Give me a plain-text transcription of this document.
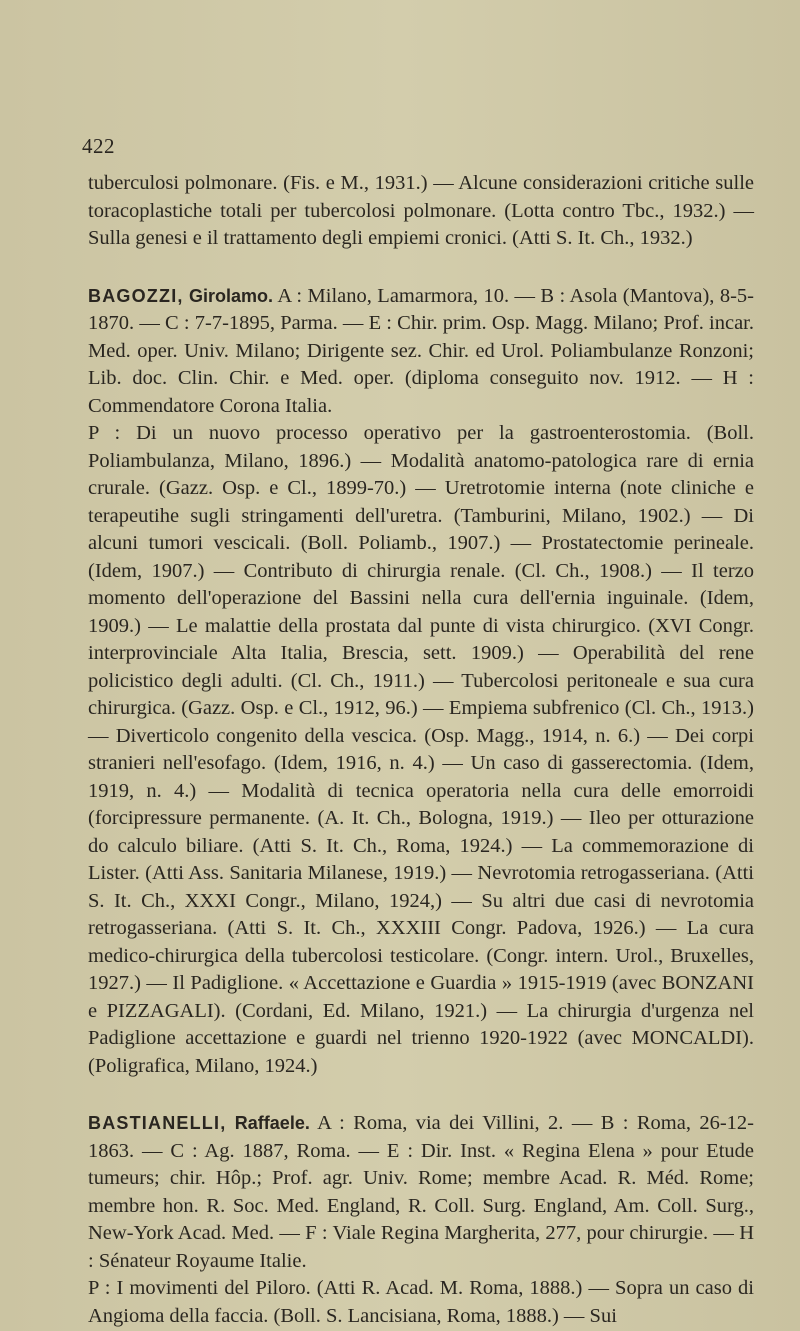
422

tuberculosi polmonare. (Fis. e M., 1931.) — Alcune considerazioni critiche sulle toracoplastiche totali per tubercolosi polmonare. (Lotta contro Tbc., 1932.) — Sulla genesi e il trattamento degli empiemi cronici. (Atti S. It. Ch., 1932.)

BAGOZZI, Girolamo. A : Milano, Lamarmora, 10. — B : Asola (Mantova), 8-5-1870. — C : 7-7-1895, Parma. — E : Chir. prim. Osp. Magg. Milano; Prof. incar. Med. oper. Univ. Milano; Dirigente sez. Chir. ed Urol. Poliambulanze Ronzoni; Lib. doc. Clin. Chir. e Med. oper. (diploma conseguito nov. 1912. — H : Commendatore Corona Italia.

P : Di un nuovo processo operativo per la gastroenterostomia. (Boll. Poliambulanza, Milano, 1896.) — Modalità anatomo-patologica rare di ernia crurale. (Gazz. Osp. e Cl., 1899-70.) — Uretrotomie interna (note cliniche e terapeutihe sugli stringamenti dell'uretra. (Tamburini, Milano, 1902.) — Di alcuni tumori vescicali. (Boll. Poliamb., 1907.) — Prostatectomie perineale. (Idem, 1907.) — Contributo di chirurgia renale. (Cl. Ch., 1908.) — Il terzo momento dell'operazione del Bassini nella cura dell'ernia inguinale. (Idem, 1909.) — Le malattie della prostata dal punte di vista chirurgico. (XVI Congr. interprovinciale Alta Italia, Brescia, sett. 1909.) — Operabilità del rene policistico degli adulti. (Cl. Ch., 1911.) — Tubercolosi peritoneale e sua cura chirurgica. (Gazz. Osp. e Cl., 1912, 96.) — Empiema subfrenico (Cl. Ch., 1913.) — Diverticolo congenito della vescica. (Osp. Magg., 1914, n. 6.) — Dei corpi stranieri nell'esofago. (Idem, 1916, n. 4.) — Un caso di gasserectomia. (Idem, 1919, n. 4.) — Modalità di tecnica operatoria nella cura delle emorroidi (forcipressure permanente. (A. It. Ch., Bologna, 1919.) — Ileo per otturazione do calculo biliare. (Atti S. It. Ch., Roma, 1924.) — La commemorazione di Lister. (Atti Ass. Sanitaria Milanese, 1919.) — Nevrotomia retrogasseriana. (Atti S. It. Ch., XXXI Congr., Milano, 1924,) — Su altri due casi di nevrotomia retrogasseriana. (Atti S. It. Ch., XXXIII Congr. Padova, 1926.) — La cura medico-chirurgica della tubercolosi testicolare. (Congr. intern. Urol., Bruxelles, 1927.) — Il Padiglione. « Accettazione e Guardia » 1915-1919 (avec BONZANI e PIZZAGALI). (Cordani, Ed. Milano, 1921.) — La chirurgia d'urgenza nel Padiglione accettazione e guardi nel trienno 1920-1922 (avec MONCALDI). (Poligrafica, Milano, 1924.)

BASTIANELLI, Raffaele. A : Roma, via dei Villini, 2. — B : Roma, 26-12-1863. — C : Ag. 1887, Roma. — E : Dir. Inst. « Regina Elena » pour Etude tumeurs; chir. Hôp.; Prof. agr. Univ. Rome; membre Acad. R. Méd. Rome; membre hon. R. Soc. Med. England, R. Coll. Surg. England, Am. Coll. Surg., New-York Acad. Med. — F : Viale Regina Margherita, 277, pour chirurgie. — H : Sénateur Royaume Italie.

P : I movimenti del Piloro. (Atti R. Acad. M. Roma, 1888.) — Sopra un caso di Angioma della faccia. (Boll. S. Lancisiana, Roma, 1888.) — Sui
